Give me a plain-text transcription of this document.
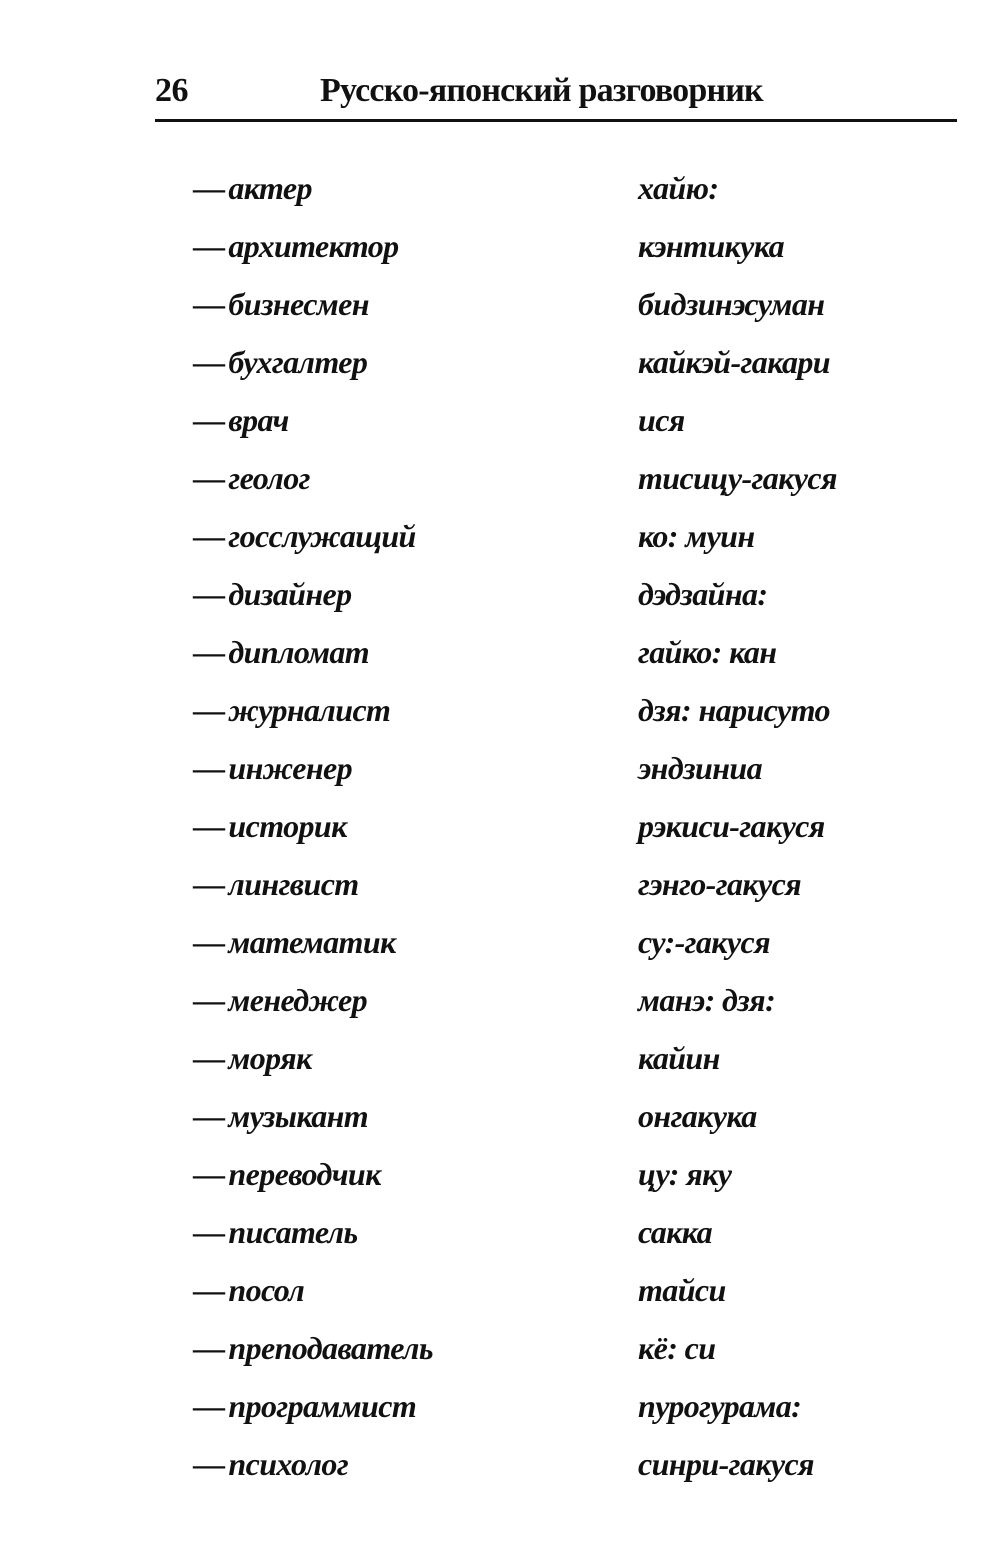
26	Русско-японский разговорник
— актер	хайю:
— архитектор	кэнтикука
— бизнесмен	бидзинэсуман
— бухгалтер	кайкэй-гакари
— врач	иcя
— геолог	тисицу-гакуся
— госслужащий	ко: муин
— дизайнер	дэдзайна:
— дипломат	гайко: кан
— журналист	дзя: нарисуто
— инженер	эндзиниа
— историк	рэкиси-гакуся
— лингвист	гэнго-гакуся
— математик	су:-гакуся
— менеджер	манэ: дзя:
— моряк	кайин
— музыкант	онгакука
— переводчик	цу: яку
— писатель	сакка
— посол	тайси
— преподаватель	кё: си
— программист	пурогурама:
— психолог	синри-гакуся
